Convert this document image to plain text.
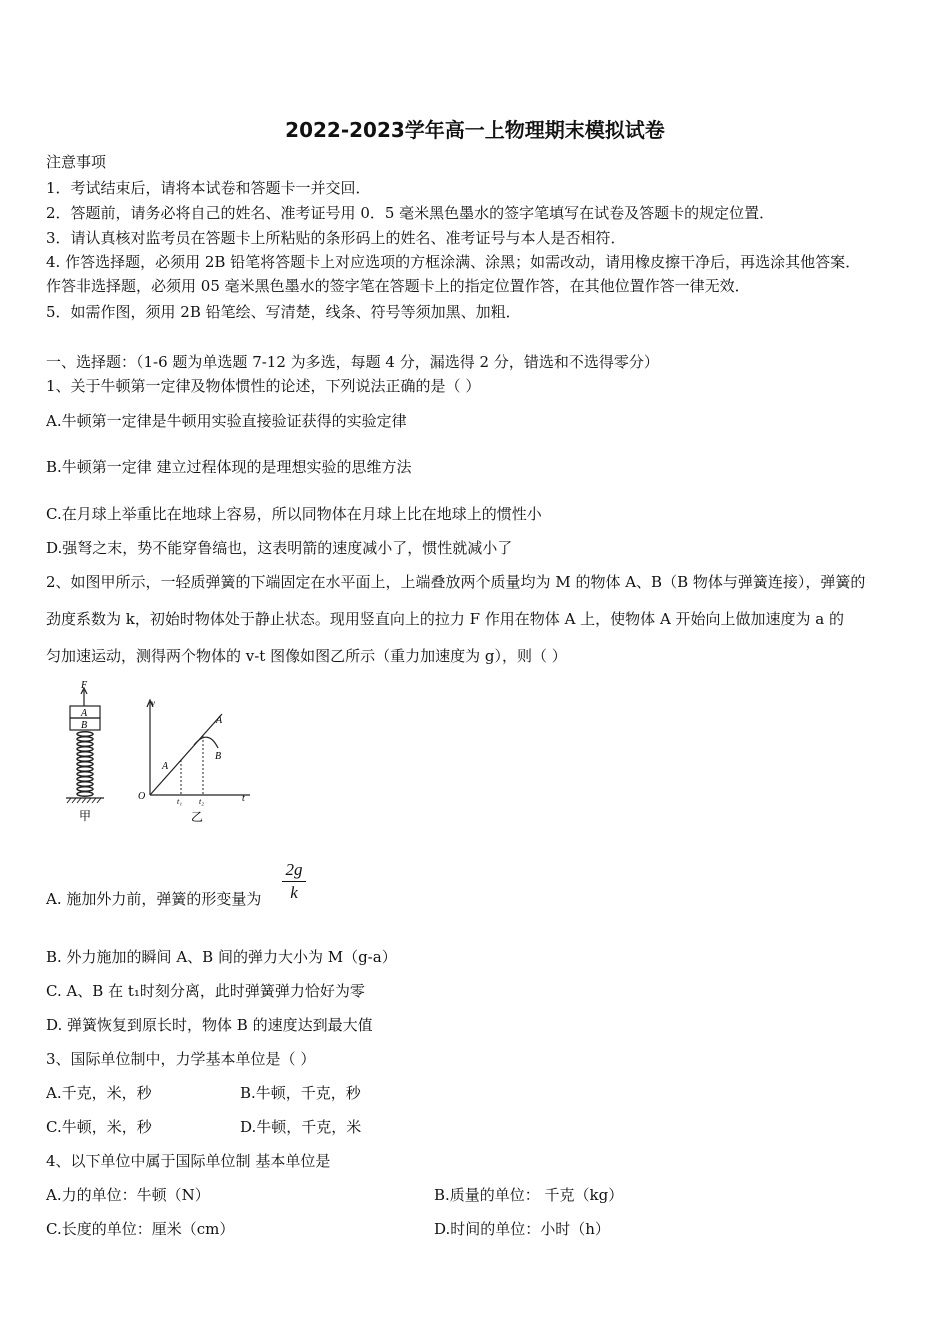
2022-2023学年高一上物理期末模拟试卷
注意事项
1．考试结束后，请将本试卷和答题卡一并交回．
2．答题前，请务必将自己的姓名、准考证号用 0．5 毫米黑色墨水的签字笔填写在试卷及答题卡的规定位置．
3．请认真核对监考员在答题卡上所粘贴的条形码上的姓名、准考证号与本人是否相符．
4. 作答选择题，必须用 2B 铅笔将答题卡上对应选项的方框涂满、涂黑；如需改动，请用橡皮擦干净后，再选涂其他答案．
作答非选择题，必须用 05 毫米黑色墨水的签字笔在答题卡上的指定位置作答，在其他位置作答一律无效．
5．如需作图，须用 2B 铅笔绘、写清楚，线条、符号等须加黑、加粗．
一、选择题：（1-6 题为单选题 7-12 为多选，每题 4 分，漏选得 2 分，错选和不选得零分）
1、关于牛顿第一定律及物体惯性的论述，下列说法正确的是（ ）
A.牛顿第一定律是牛顿用实验直接验证获得的实验定律
B.牛顿第一定律 建立过程体现的是理想实验的思维方法
C.在月球上举重比在地球上容易，所以同物体在月球上比在地球上的惯性小
D.强弩之末，势不能穿鲁缟也，这表明箭的速度减小了，惯性就减小了
2、如图甲所示，一轻质弹簧的下端固定在水平面上，上端叠放两个质量均为 M 的物体 A、B（B 物体与弹簧连接），弹簧的
劲度系数为 k，初始时物体处于静止状态。现用竖直向上的拉力 F 作用在物体 A 上，使物体 A 开始向上做加速度为 a 的
匀加速运动，测得两个物体的 v-t 图像如图乙所示（重力加速度为 g），则（ ）
F
A
B
甲
v
O	t
t₁ t₂
A
B
A
乙
A. 施加外力前，弹簧的形变量为 $\frac{2g}{k}$
B. 外力施加的瞬间 A、B 间的弹力大小为 M（g-a）
C. A、B 在 t₁时刻分离，此时弹簧弹力恰好为零
D. 弹簧恢复到原长时，物体 B 的速度达到最大值
3、国际单位制中，力学基本单位是（ ）
A.千克，米，秒	B.牛顿，千克，秒
C.牛顿，米，秒	D.牛顿，千克，米
4、以下单位中属于国际单位制 基本单位是
A.力的单位：牛顿（N）	B.质量的单位： 千克（kg）
C.长度的单位：厘米（cm）	D.时间的单位：小时（h）
